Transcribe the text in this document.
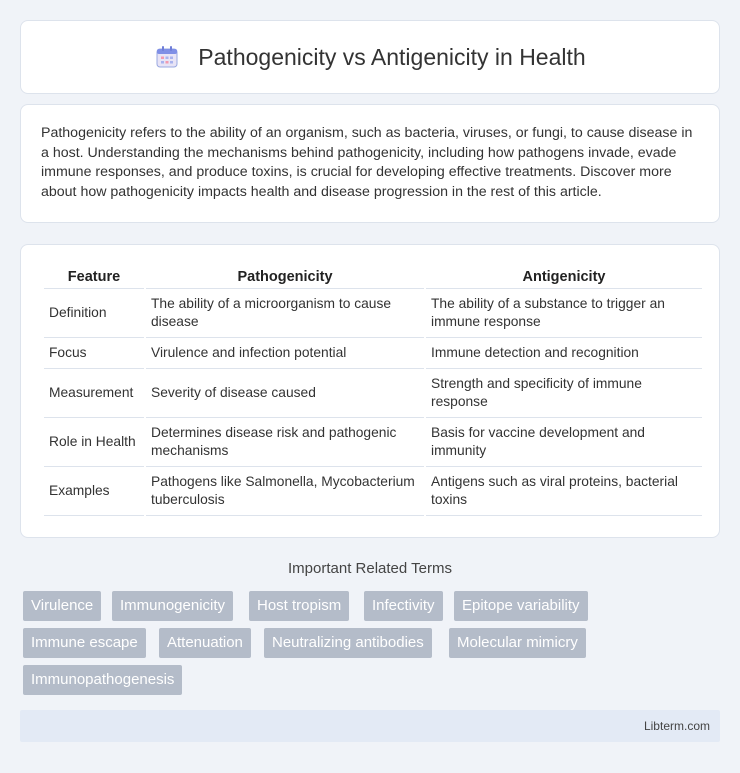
Pathogenicity vs Antigenicity in Health

Pathogenicity refers to the ability of an organism, such as bacteria, viruses, or fungi, to cause disease in a host. Understanding the mechanisms behind pathogenicity, including how pathogens invade, evade immune responses, and produce toxins, is crucial for developing effective treatments. Discover more about how pathogenicity impacts health and disease progression in the rest of this article.

Feature	Pathogenicity	Antigenicity
Definition	The ability of a microorganism to cause disease	The ability of a substance to trigger an immune response
Focus	Virulence and infection potential	Immune detection and recognition
Measurement	Severity of disease caused	Strength and specificity of immune response
Role in Health	Determines disease risk and pathogenic mechanisms	Basis for vaccine development and immunity
Examples	Pathogens like Salmonella, Mycobacterium tuberculosis	Antigens such as viral proteins, bacterial toxins
Important Related Terms
Virulence	Immunogenicity	Host tropism	Infectivity	Epitope variability
Immune escape	Attenuation	Neutralizing antibodies	Molecular mimicry
Immunopathogenesis
Libterm.com
